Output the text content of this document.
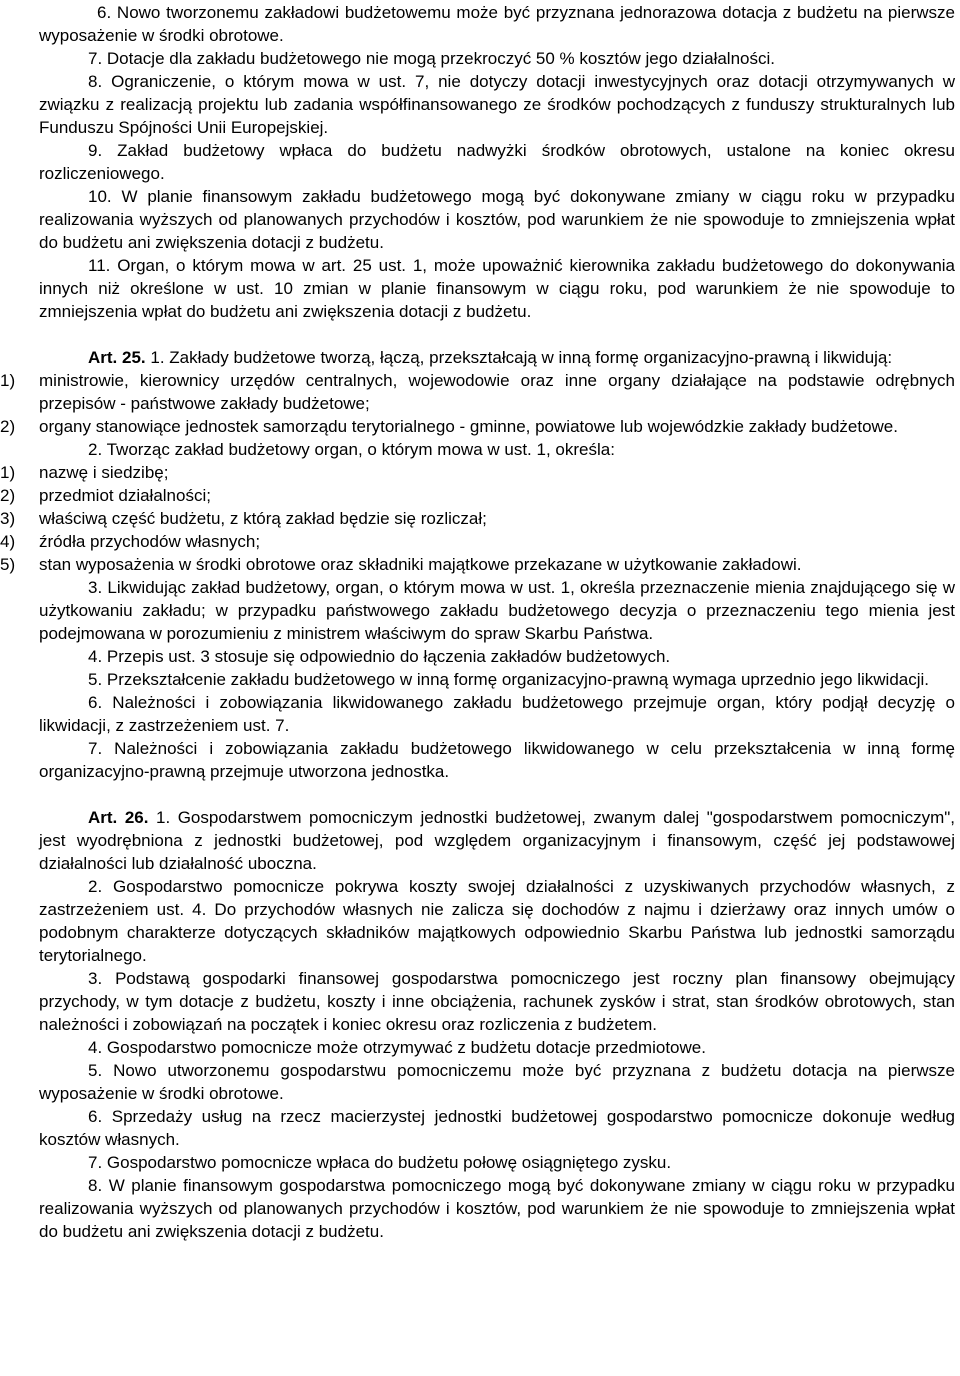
6. Nowo tworzonemu zakładowi budżetowemu może być przyznana jednorazowa dotacja z budżetu na pierwsze wyposażenie w środki obrotowe.

7. Dotacje dla zakładu budżetowego nie mogą przekroczyć 50 % kosztów jego działalności.

8. Ograniczenie, o którym mowa w ust. 7, nie dotyczy dotacji inwestycyjnych oraz dotacji otrzymywanych w związku z realizacją projektu lub zadania współfinansowanego ze środków pochodzących z funduszy strukturalnych lub Funduszu Spójności Unii Europejskiej.

9. Zakład budżetowy wpłaca do budżetu nadwyżki środków obrotowych, ustalone na koniec okresu rozliczeniowego.

10. W planie finansowym zakładu budżetowego mogą być dokonywane zmiany w ciągu roku w przypadku realizowania wyższych od planowanych przychodów i kosztów, pod warunkiem że nie spowoduje to zmniejszenia wpłat do budżetu ani zwiększenia dotacji z budżetu.

11. Organ, o którym mowa w art. 25 ust. 1, może upoważnić kierownika zakładu budżetowego do dokonywania innych niż określone w ust. 10 zmian w planie finansowym w ciągu roku, pod warunkiem że nie spowoduje to zmniejszenia wpłat do budżetu ani zwiększenia dotacji z budżetu.

Art. 25. 1. Zakłady budżetowe tworzą, łączą, przekształcają w inną formę organizacyjno-prawną i likwidują:

1) ministrowie, kierownicy urzędów centralnych, wojewodowie oraz inne organy działające na podstawie odrębnych przepisów - państwowe zakłady budżetowe;

2) organy stanowiące jednostek samorządu terytorialnego - gminne, powiatowe lub wojewódzkie zakłady budżetowe.

2. Tworząc zakład budżetowy organ, o którym mowa w ust. 1, określa:

1) nazwę i siedzibę;

2) przedmiot działalności;

3) właściwą część budżetu, z którą zakład będzie się rozliczał;

4) źródła przychodów własnych;

5) stan wyposażenia w środki obrotowe oraz składniki majątkowe przekazane w użytkowanie zakładowi.

3. Likwidując zakład budżetowy, organ, o którym mowa w ust. 1, określa przeznaczenie mienia znajdującego się w użytkowaniu zakładu; w przypadku państwowego zakładu budżetowego decyzja o przeznaczeniu tego mienia jest podejmowana w porozumieniu z ministrem właściwym do spraw Skarbu Państwa.

4. Przepis ust. 3 stosuje się odpowiednio do łączenia zakładów budżetowych.

5. Przekształcenie zakładu budżetowego w inną formę organizacyjno-prawną wymaga uprzednio jego likwidacji.

6. Należności i zobowiązania likwidowanego zakładu budżetowego przejmuje organ, który podjął decyzję o likwidacji, z zastrzeżeniem ust. 7.

7. Należności i zobowiązania zakładu budżetowego likwidowanego w celu przekształcenia w inną formę organizacyjno-prawną przejmuje utworzona jednostka.

Art. 26. 1. Gospodarstwem pomocniczym jednostki budżetowej, zwanym dalej "gospodarstwem pomocniczym", jest wyodrębniona z jednostki budżetowej, pod względem organizacyjnym i finansowym, część jej podstawowej działalności lub działalność uboczna.

2. Gospodarstwo pomocnicze pokrywa koszty swojej działalności z uzyskiwanych przychodów własnych, z zastrzeżeniem ust. 4. Do przychodów własnych nie zalicza się dochodów z najmu i dzierżawy oraz innych umów o podobnym charakterze dotyczących składników majątkowych odpowiednio Skarbu Państwa lub jednostki samorządu terytorialnego.

3. Podstawą gospodarki finansowej gospodarstwa pomocniczego jest roczny plan finansowy obejmujący przychody, w tym dotacje z budżetu, koszty i inne obciążenia, rachunek zysków i strat, stan środków obrotowych, stan należności i zobowiązań na początek i koniec okresu oraz rozliczenia z budżetem.

4. Gospodarstwo pomocnicze może otrzymywać z budżetu dotacje przedmiotowe.

5. Nowo utworzonemu gospodarstwu pomocniczemu może być przyznana z budżetu dotacja na pierwsze wyposażenie w środki obrotowe.

6. Sprzedaży usług na rzecz macierzystej jednostki budżetowej gospodarstwo pomocnicze dokonuje według kosztów własnych.

7. Gospodarstwo pomocnicze wpłaca do budżetu połowę osiągniętego zysku.

8. W planie finansowym gospodarstwa pomocniczego mogą być dokonywane zmiany w ciągu roku w przypadku realizowania wyższych od planowanych przychodów i kosztów, pod warunkiem że nie spowoduje to zmniejszenia wpłat do budżetu ani zwiększenia dotacji z budżetu.
